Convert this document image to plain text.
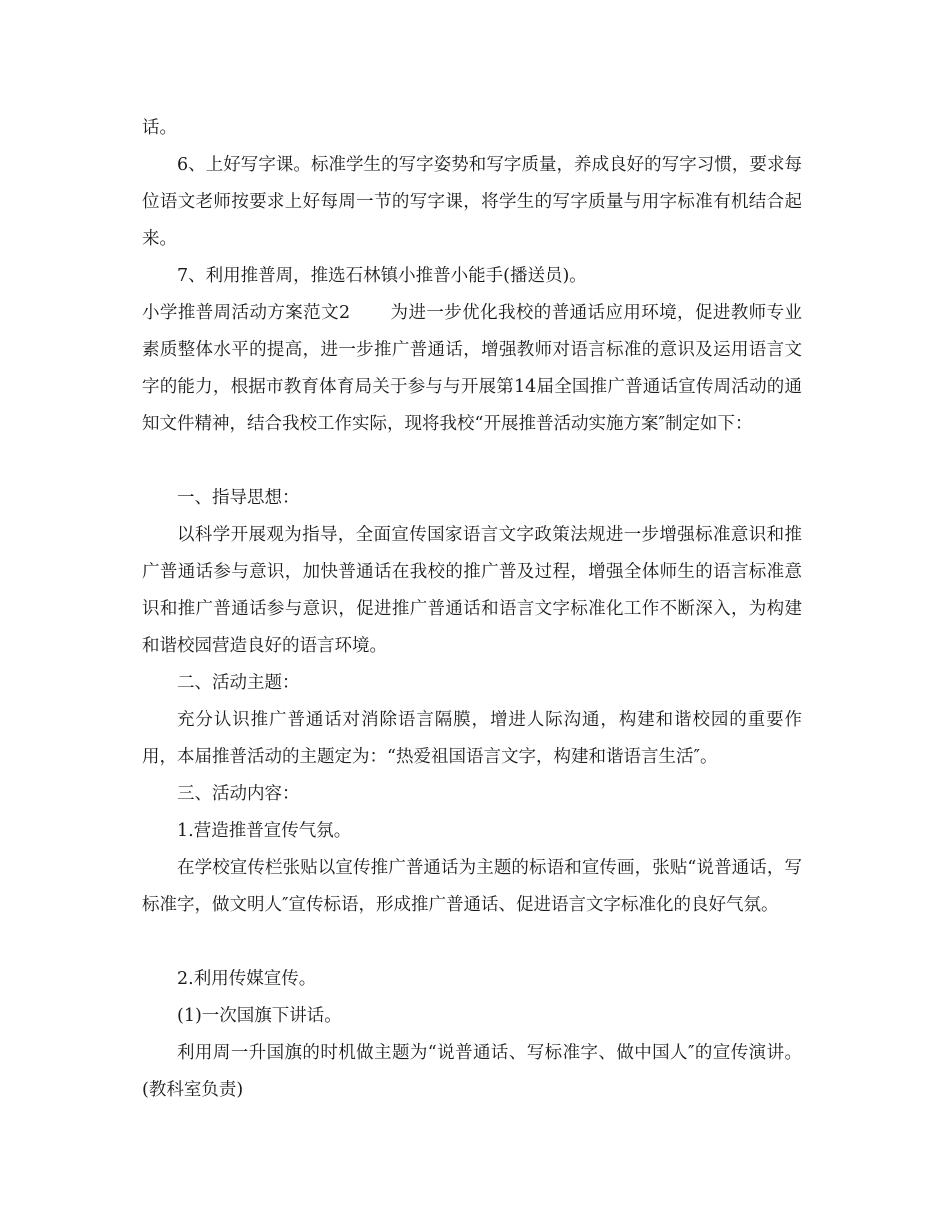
话。

6、上好写字课。标准学生的写字姿势和写字质量，养成良好的写字习惯，要求每位语文老师按要求上好每周一节的写字课，将学生的写字质量与用字标准有机结合起来。

7、利用推普周，推选石林镇小推普小能手(播送员)。

小学推普周活动方案范文2 为进一步优化我校的普通话应用环境，促进教师专业素质整体水平的提高，进一步推广普通话，增强教师对语言标准的意识及运用语言文字的能力，根据市教育体育局关于参与与开展第14届全国推广普通话宣传周活动的通知文件精神，结合我校工作实际，现将我校“开展推普活动实施方案″制定如下：

一、指导思想：

以科学开展观为指导，全面宣传国家语言文字政策法规进一步增强标准意识和推广普通话参与意识，加快普通话在我校的推广普及过程，增强全体师生的语言标准意识和推广普通话参与意识，促进推广普通话和语言文字标准化工作不断深入，为构建和谐校园营造良好的语言环境。

二、活动主题：

充分认识推广普通话对消除语言隔膜，增进人际沟通，构建和谐校园的重要作用，本届推普活动的主题定为：“热爱祖国语言文字，构建和谐语言生活″。

三、活动内容：

1.营造推普宣传气氛。

在学校宣传栏张贴以宣传推广普通话为主题的标语和宣传画，张贴“说普通话，写标准字，做文明人″宣传标语，形成推广普通话、促进语言文字标准化的良好气氛。

2.利用传媒宣传。

(1)一次国旗下讲话。

利用周一升国旗的时机做主题为“说普通话、写标准字、做中国人″的宣传演讲。(教科室负责)
